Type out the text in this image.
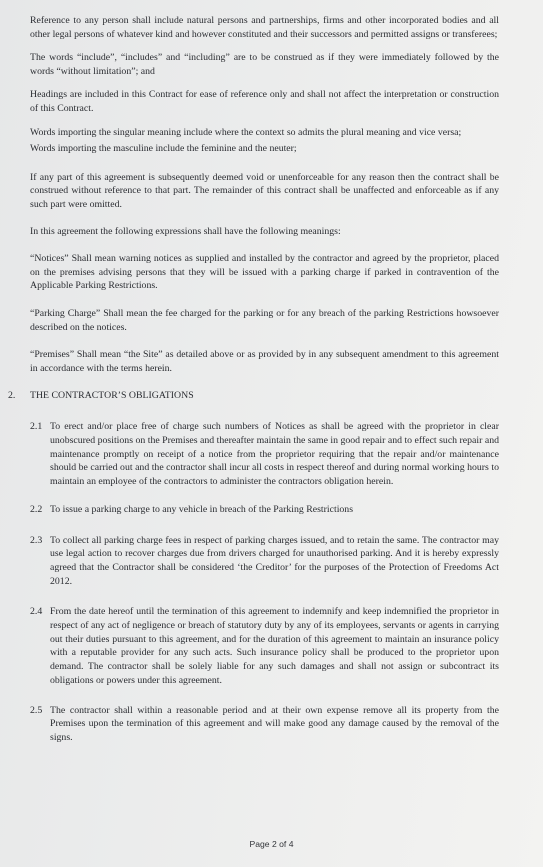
Reference to any person shall include natural persons and partnerships, firms and other incorporated bodies and all other legal persons of whatever kind and however constituted and their successors and permitted assigns or transferees;

The words “include”, “includes” and “including” are to be construed as if they were immediately followed by the words “without limitation”; and

Headings are included in this Contract for ease of reference only and shall not affect the interpretation or construction of this Contract.

Words importing the singular meaning include where the context so admits the plural meaning and vice versa;

Words importing the masculine include the feminine and the neuter;

If any part of this agreement is subsequently deemed void or unenforceable for any reason then the contract shall be construed without reference to that part. The remainder of this contract shall be unaffected and enforceable as if any such part were omitted.

In this agreement the following expressions shall have the following meanings:

“Notices” Shall mean warning notices as supplied and installed by the contractor and agreed by the proprietor, placed on the premises advising persons that they will be issued with a parking charge if parked in contravention of the Applicable Parking Restrictions.

“Parking Charge” Shall mean the fee charged for the parking or for any breach of the parking Restrictions howsoever described on the notices.

“Premises” Shall mean “the Site” as detailed above or as provided by in any subsequent amendment to this agreement in accordance with the terms herein.

2.	THE CONTRACTOR’S OBLIGATIONS
2.1 To erect and/or place free of charge such numbers of Notices as shall be agreed with the proprietor in clear unobscured positions on the Premises and thereafter maintain the same in good repair and to effect such repair and maintenance promptly on receipt of a notice from the proprietor requiring that the repair and/or maintenance should be carried out and the contractor shall incur all costs in respect thereof and during normal working hours to maintain an employee of the contractors to administer the contractors obligation herein.
2.2 To issue a parking charge to any vehicle in breach of the Parking Restrictions
2.3 To collect all parking charge fees in respect of parking charges issued, and to retain the same. The contractor may use legal action to recover charges due from drivers charged for unauthorised parking. And it is hereby expressly agreed that the Contractor shall be considered ‘the Creditor’ for the purposes of the Protection of Freedoms Act 2012.
2.4 From the date hereof until the termination of this agreement to indemnify and keep indemnified the proprietor in respect of any act of negligence or breach of statutory duty by any of its employees, servants or agents in carrying out their duties pursuant to this agreement, and for the duration of this agreement to maintain an insurance policy with a reputable provider for any such acts. Such insurance policy shall be produced to the proprietor upon demand. The contractor shall be solely liable for any such damages and shall not assign or subcontract its obligations or powers under this agreement.
2.5 The contractor shall within a reasonable period and at their own expense remove all its property from the Premises upon the termination of this agreement and will make good any damage caused by the removal of the signs.
Page 2 of 4
